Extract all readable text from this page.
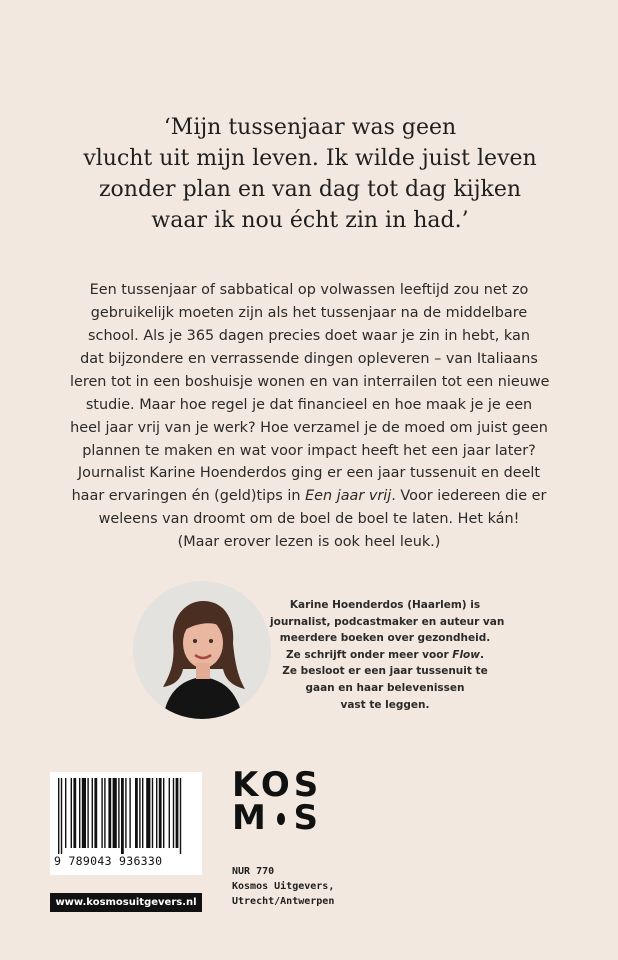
‘Mijn tussenjaar was geen
vlucht uit mijn leven. Ik wilde juist leven
zonder plan en van dag tot dag kijken
waar ik nou écht zin in had.’

Een tussenjaar of sabbatical op volwassen leeftijd zou net zo
gebruikelijk moeten zijn als het tussenjaar na de middelbare
school. Als je 365 dagen precies doet waar je zin in hebt, kan
dat bijzondere en verrassende dingen opleveren – van Italiaans
leren tot in een boshuisje wonen en van interrailen tot een nieuwe
studie. Maar hoe regel je dat financieel en hoe maak je je een
heel jaar vrij van je werk? Hoe verzamel je de moed om juist geen
plannen te maken en wat voor impact heeft het een jaar later?

Journalist Karine Hoenderdos ging er een jaar tussenuit en deelt
haar ervaringen én (geld)tips in Een jaar vrij. Voor iedereen die er
weleens van droomt om de boel de boel te laten. Het kán!
(Maar erover lezen is ook heel leuk.)

Karine Hoenderdos (Haarlem) is
journalist, podcastmaker en auteur van
meerdere boeken over gezondheid.
Ze schrijft onder meer voor Flow.
Ze besloot er een jaar tussenuit te
gaan en haar belevenissen
vast te leggen.

9 789043 936330
www.kosmosuitgevers.nl
KOS
M S

NUR 770
Kosmos Uitgevers,
Utrecht/Antwerpen
